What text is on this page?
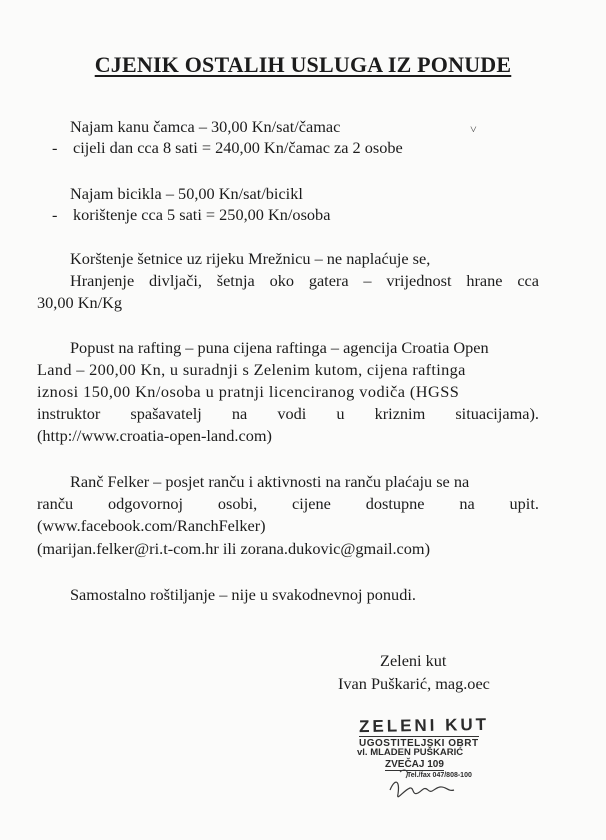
CJENIK OSTALIH USLUGA IZ PONUDE
˅

Najam kanu čamca – 30,00 Kn/sat/čamac

- cijeli dan cca 8 sati = 240,00 Kn/čamac za 2 osobe

Najam bicikla – 50,00 Kn/sat/bicikl

- korištenje cca 5 sati = 250,00 Kn/osoba

Korštenje šetnice uz rijeku Mrežnicu – ne naplaćuje se,

Hranjenje divljači, šetnja oko gatera – vrijednost hrane cca

30,00 Kn/Kg

Popust na rafting – puna cijena raftinga – agencija Croatia Open

Land – 200,00 Kn, u suradnji s Zelenim kutom, cijena raftinga

iznosi 150,00 Kn/osoba u pratnji licenciranog vodiča (HGSS

instruktor spašavatelj na vodi u kriznim situacijama).

(http://www.croatia-open-land.com)

Ranč Felker – posjet ranču i aktivnosti na ranču plaćaju se na

ranču odgovornoj osobi, cijene dostupne na upit.

(www.facebook.com/RanchFelker)

(marijan.felker@ri.t-com.hr ili zorana.dukovic@gmail.com)

Samostalno roštiljanje – nije u svakodnevnoj ponudi.

Zeleni kut
Ivan Puškarić, mag.oec
ZELENI KUT
UGOSTITELJSKI OBRT
vl. MLADEN PUŠKARIĆ
ZVEČAJ 109
Tel./fax 047/808-100
